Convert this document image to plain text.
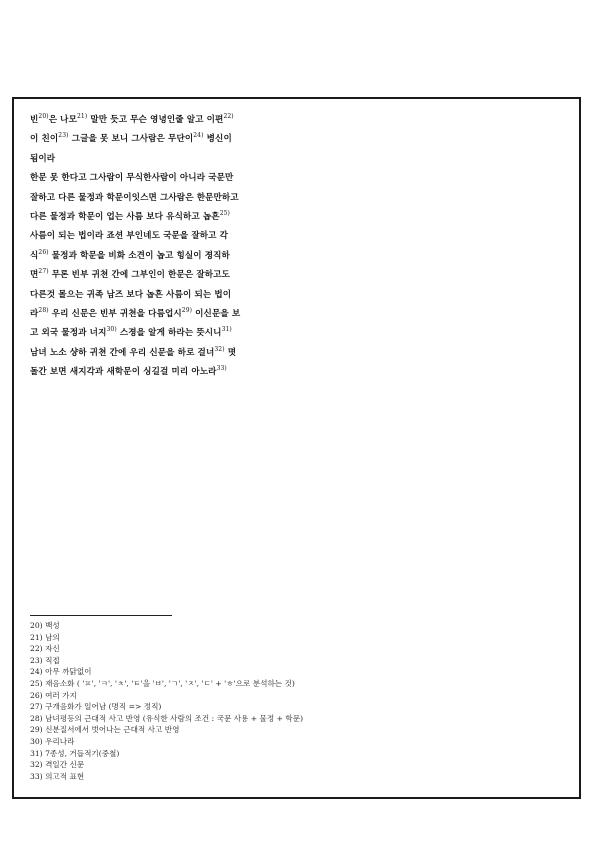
빈$^{20)}$은 나모$^{21)}$ 말만 듯고 무슨 영녕인줄 알고 이편$^{22)}$
이 친이$^{23)}$ 그글을 못 보니 그사람은 무단이$^{24)}$ 병신이
됨이라
한문 못 한다고 그사람이 무식한사람이 아니라 국문만
잘하고 다른 물정과 학문이잇스면 그사람은 한문만하고
다른 물정과 학문이 업는 사름 보다 유식하고 놉흔$^{25)}$
사름이 되는 법이라 죠션 부인네도 국문을 잘하고 각
식$^{26)}$ 물정과 학문을 비화 소견이 놉고 힝실이 졍직하
면$^{27)}$ 무론 빈부 귀쳔 간에 그부인이 한문은 잘하고도
다른것 몰으는 귀족 남즈 보다 놉흔 사름이 되는 법이
라$^{28)}$ 우리 신문은 빈부 귀쳔을 다름업시$^{29)}$ 이신문을 보
고 외국 물정과 너지$^{30)}$ 스졍을 알게 하라는 뜻시니$^{31)}$
남녀 노소 샹하 귀쳔 간에 우리 신문을 하로 걸너$^{32)}$ 몃
돌간 보면 새지각과 새학문이 싱길걸 미리 아노라$^{33)}$
20) 백성
21) 남의
22) 자신
23) 직접
24) 아무 까닭없이
25) 재음소화 ( 'ㅍ', 'ㅋ', 'ㅊ', 'ㅌ'을 'ㅂ', 'ㄱ', 'ㅈ', 'ㄷ' + 'ㅎ'으로 분석하는 것)
26) 여러 가지
27) 구개음화가 일어남 (명직 => 정직)
28) 남녀평등의 근대적 사고 반영 (유식한 사람의 조건 : 국문 사용 + 물정 + 학문)
29) 신분질서에서 벗어나는 근대적 사고 반영
30) 우리나라
31) 7종성, 거듭적기(중철)
32) 격일간 신문
33) 의고적 표현
